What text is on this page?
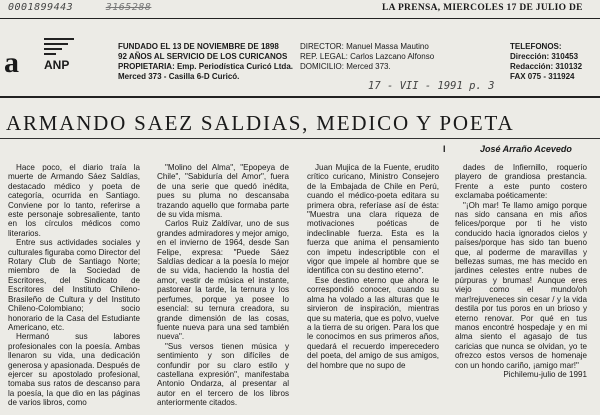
0001899443	3165288	LA PRENSA, MIERCOLES 17 DE JULIO DE
a ANP
FUNDADO EL 13 DE NOVIEMBRE DE 1898
92 AÑOS AL SERVICIO DE LOS CURICANOS
PROPIETARIA: Emp. Periodística Curicó Ltda.
Merced 373 - Casilla 6-D Curicó.
DIRECTOR: Manuel Massa Mautino
REP. LEGAL: Carlos Lazcano Alfonso
DOMICILIO: Merced 373.
TELEFONOS:
Dirección: 310453
Redacción: 310132
FAX 075 - 311924
17 - VII - 1991 p. 3
ARMANDO SAEZ SALDIAS, MEDICO Y POETA
I	José Arraño Acevedo

Hace poco, el diario traía la muerte de Armando Sáez Saldías, destacado médico y poeta de categoría, ocurrida en Santiago. Conviene por lo tanto, referirse a este personaje sobresaliente, tanto en los círculos médicos como literarios.

Entre sus actividades sociales y culturales figuraba como Director del Rotary Club de Santiago Norte; miembro de la Sociedad de Escritores, del Sindicato de Escritores del Instituto Chileno-Brasileño de Cultura y del Instituto Chileno-Colombiano; socio honorario de la Casa del Estudiante Americano, etc.

Hermanó sus labores profesionales con la poesía. Ambas llenaron su vida, una dedicación generosa y apasionada. Después de ejercer su apostolado profesional, tomaba sus ratos de descanso para la poesía, la que dio en las páginas de varios libros, como

"Molino del Alma", "Epopeya de Chile", "Sabiduría del Amor", fuera de una serie que quedó inédita, pues su pluma no descansaba trazando aquello que formaba parte de su vida misma.

Carlos Ruiz Zaldívar, uno de sus grandes admiradores y mejor amigo, en el invierno de 1964, desde San Felipe, expresa: "Puede Sáez Saldías dedicar a la poesía lo mejor de su vida, haciendo la hostia del amor, vestir de música el instante, pastorear la tarde, la ternura y los perfumes, porque ya posee lo esencial: su ternura creadora, su grande dimensión de las cosas, fuente nueva para una sed también nueva".

"Sus versos tienen música y sentimiento y son difíciles de confundir por su claro estilo y castellana expresión", manifestaba Antonio Ondarza, al presentar al autor en el tercero de los libros anteriormente citados.

Juan Mujica de la Fuente, erudito crítico curicano, Ministro Consejero de la Embajada de Chile en Perú, cuando el médico-poeta editara su primera obra, referíase así de ésta: "Muestra una clara riqueza de motivaciones poéticas de indeclinable fuerza. Esta es la fuerza que anima el pensamiento con impetu indescriptible con el vigor que impele al hombre que se identifica con su destino eterno".

Ese destino eterno que ahora le correspondió conocer, cuando su alma ha volado a las alturas que le sirvieron de inspiración, mientras que su materia, que es polvo, vuelve a la tierra de su origen. Para los que le conocimos en sus primeros años, quedará el recuerdo imperecedero del poeta, del amigo de sus amigos, del hombre que no supo de

dades de Infiernillo, roquerío playero de grandiosa prestancia. Frente a este punto costero exclamaba poéticamente:

"¡Oh mar! Te llamo amigo porque nas sido cansana en mis años felices/porque por ti he visto conducido hacia ignorados cielos y países/porque has sido tan bueno que, al poderme de maravillas y bellezas sumas, me has mecido en jardines celestes entre nubes de púrpuras y brumas! Aunque eres viejo como el mundo/oh mar!rejuveneces sin cesar / y la vida destila por tus poros en un brioso y eterno renovar. Por qué en tus manos encontré hospedaje y en mi alma siento el agasajo de tus caricias que nunca se olvidan, yo te ofrezco estos versos de homenaje con un hondo cariño, ¡amigo mar!"

Pichilemu-julio de 1991
